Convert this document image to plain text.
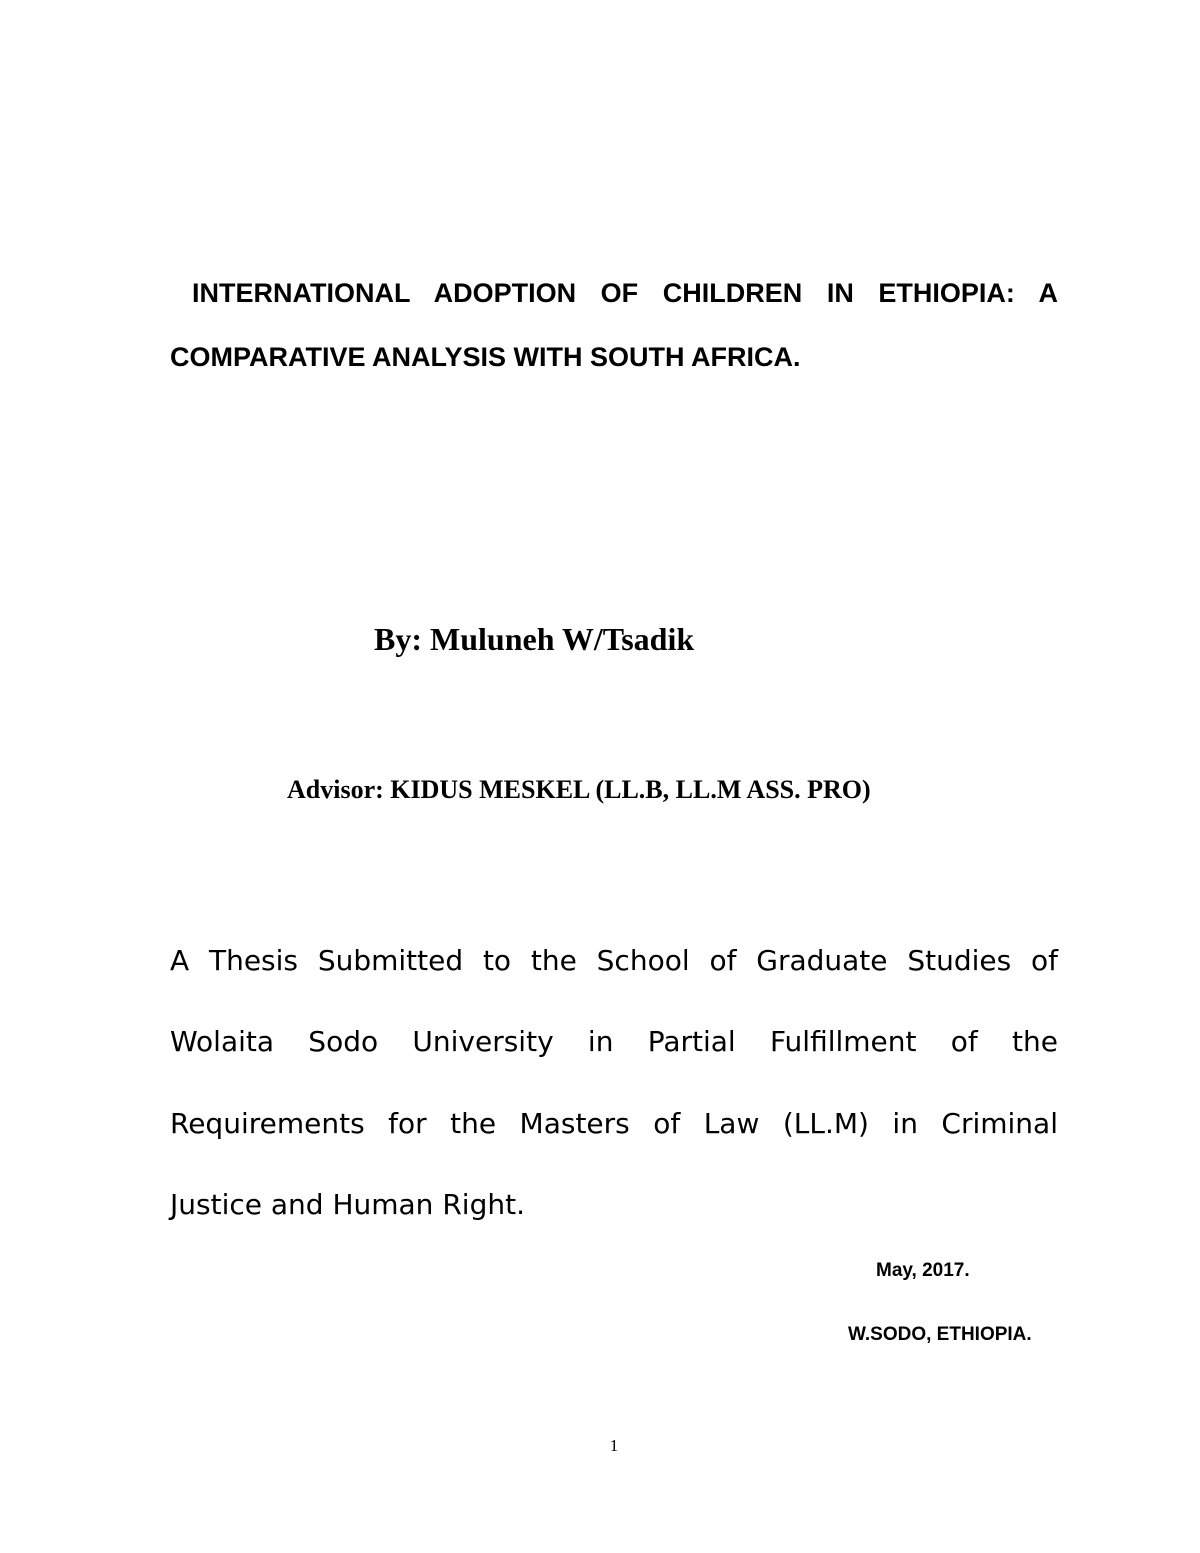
INTERNATIONAL ADOPTION OF CHILDREN IN ETHIOPIA: A
COMPARATIVE ANALYSIS WITH SOUTH AFRICA.
By: Muluneh W/Tsadik
Advisor: KIDUS MESKEL (LL.B, LL.M ASS. PRO)
A Thesis Submitted to the School of Graduate Studies of
Wolaita Sodo University in Partial Fulfillment of the
Requirements for the Masters of Law (LL.M) in Criminal
Justice and Human Right.
May, 2017.
W.SODO, ETHIOPIA.
1
